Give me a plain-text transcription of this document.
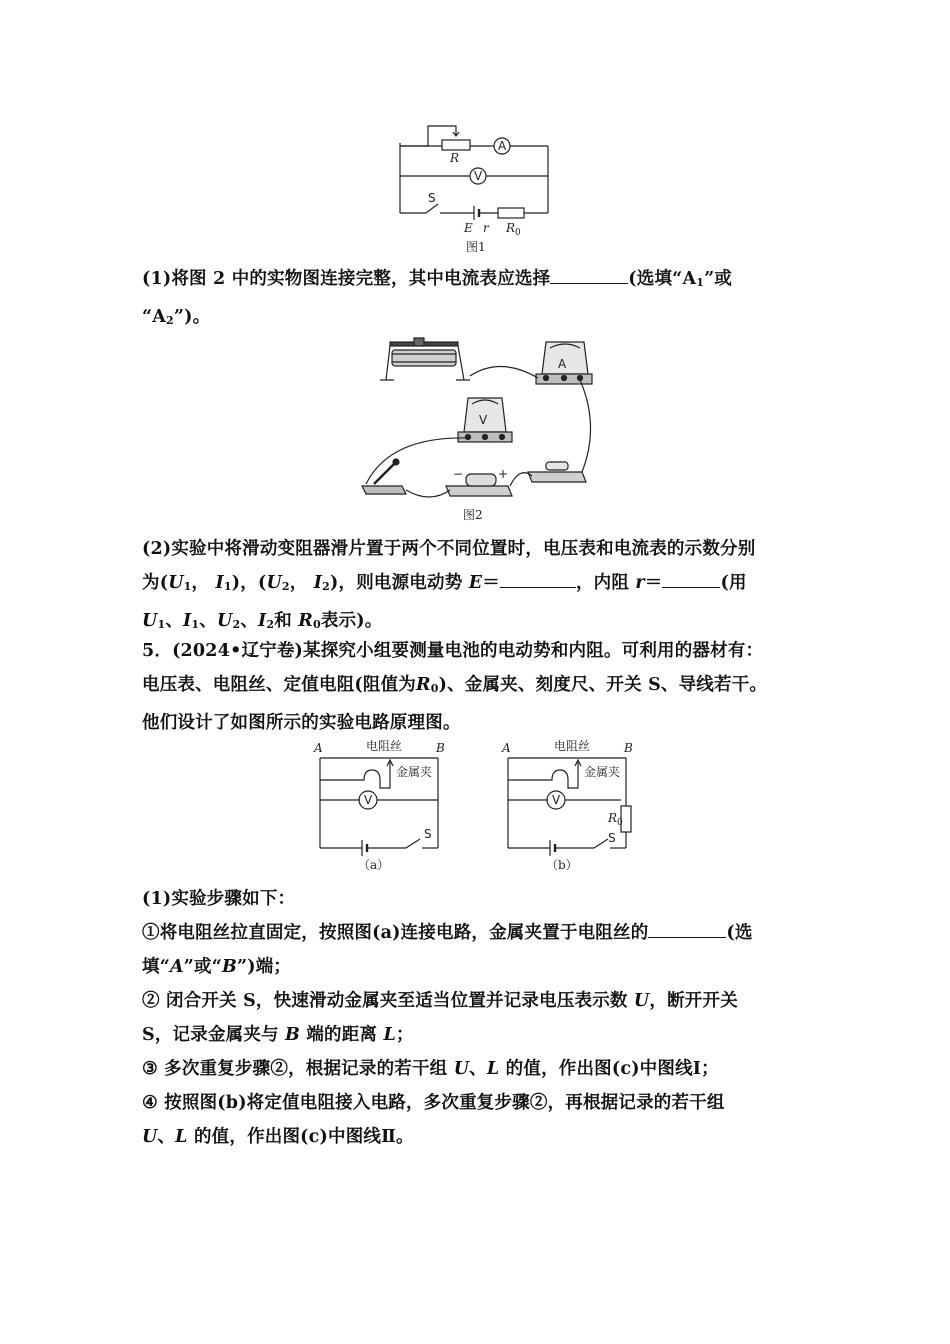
A
R
V
S
E r $R_0$
图1
(1)将图 2 中的实物图连接完整，其中电流表应选择	(选填“$A_1$”或
“$A_2$”)。
A
V
−	+
图2
(2)实验中将滑动变阻器滑片置于两个不同位置时，电压表和电流表的示数分别
为($U_1$， $I_1$)，($U_2$， $I_2$)，则电源电动势 E＝	，内阻 r＝	(用
$U_1$、$I_1$、$U_2$、$I_2$和 $R_0$表示)。
5．(2024•辽宁卷)某探究小组要测量电池的电动势和内阻。可利用的器材有：
电压表、电阻丝、定值电阻(阻值为$R_0$)、金属夹、刻度尺、开关 S、导线若干。
他们设计了如图所示的实验电路原理图。
A	电阻丝	B
金属夹
V
S
（a）
A	电阻丝	B
$R_0$
金属夹
V
S
（b）
(1)实验步骤如下：
①将电阻丝拉直固定，按照图(a)连接电路，金属夹置于电阻丝的	(选
填“A”或“B”)端；
② 闭合开关 S，快速滑动金属夹至适当位置并记录电压表示数 U，断开开关
S，记录金属夹与 B 端的距离 L；
③ 多次重复步骤②，根据记录的若干组 U、L 的值，作出图(c)中图线Ⅰ；
④ 按照图(b)将定值电阻接入电路，多次重复步骤②，再根据记录的若干组
U、L 的值，作出图(c)中图线Ⅱ。
